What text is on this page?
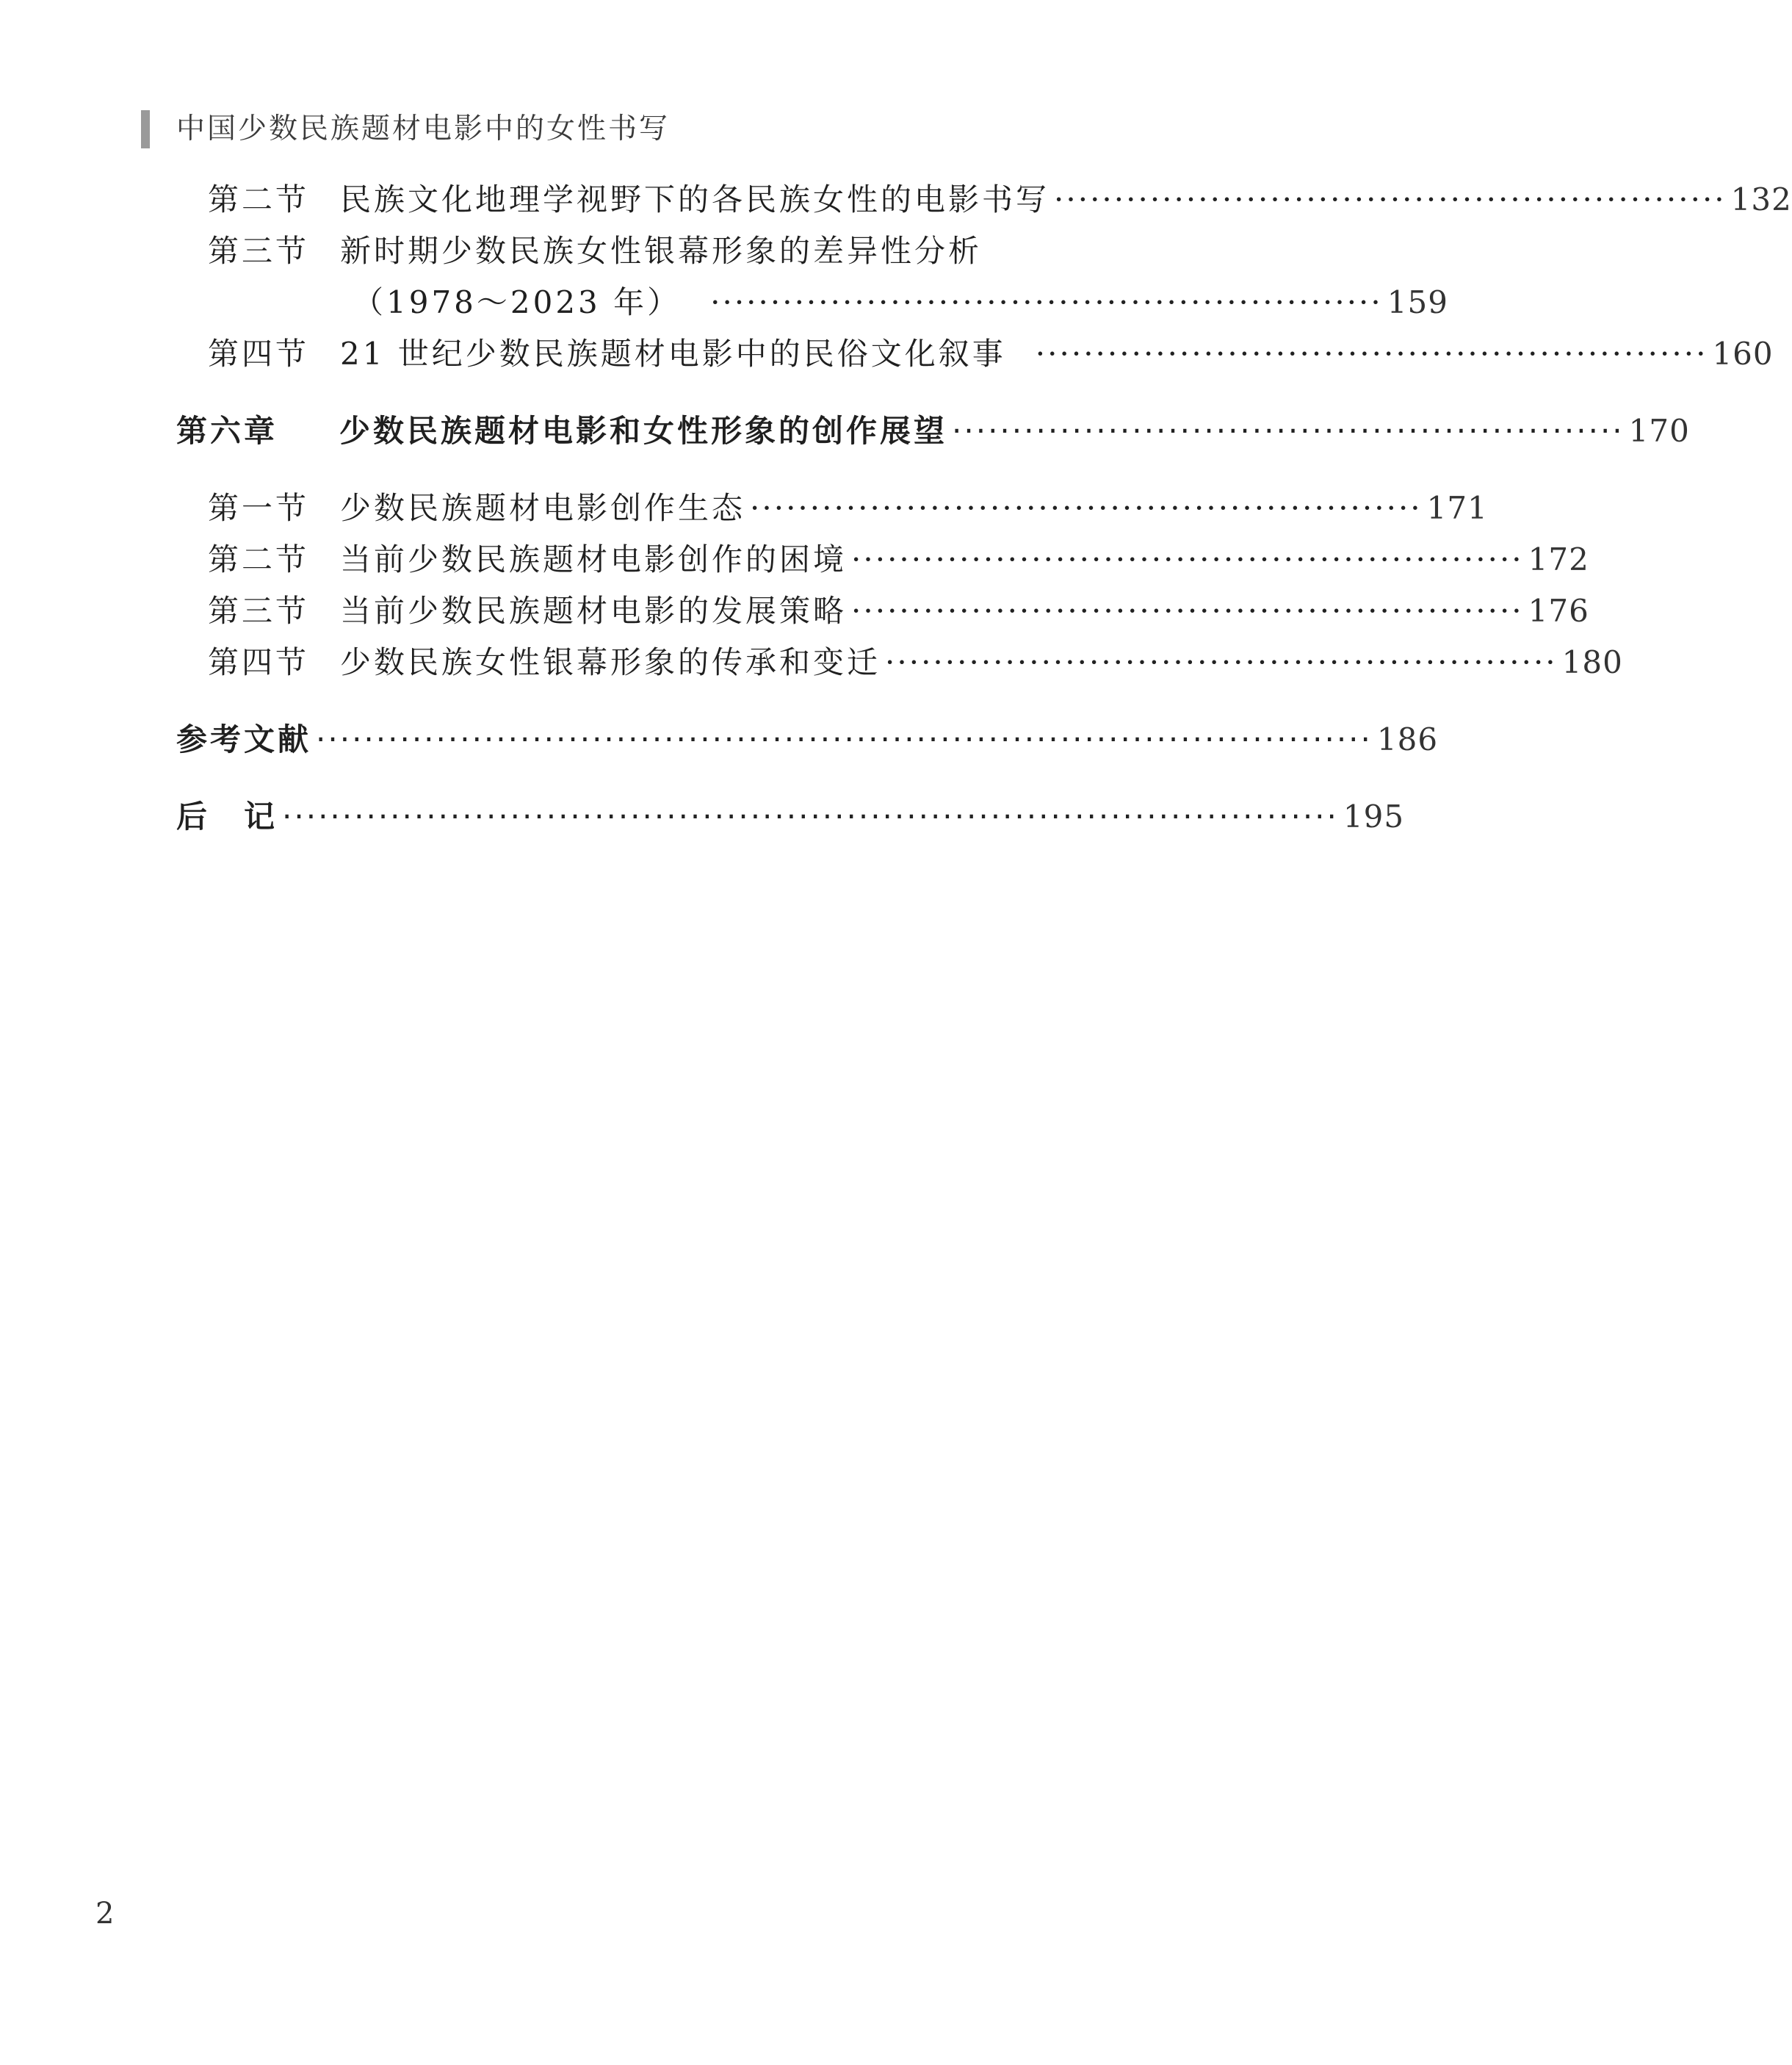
中国少数民族题材电影中的女性书写
第二节 民族文化地理学视野下的各民族女性的电影书写 ························································ 132
第三节 新时期少数民族女性银幕形象的差异性分析
（1978～2023 年） ························································ 159
第四节 21 世纪少数民族题材电影中的民俗文化叙事 ························································ 160
第六章	少数民族题材电影和女性形象的创作展望 ························································ 170
第一节 少数民族题材电影创作生态 ························································ 171
第二节 当前少数民族题材电影创作的困境 ························································ 172
第三节 当前少数民族题材电影的发展策略 ························································ 176
第四节 少数民族女性银幕形象的传承和变迁 ························································ 180
参考文献 ························································································ 186
后　记 ························································································ 195
2
